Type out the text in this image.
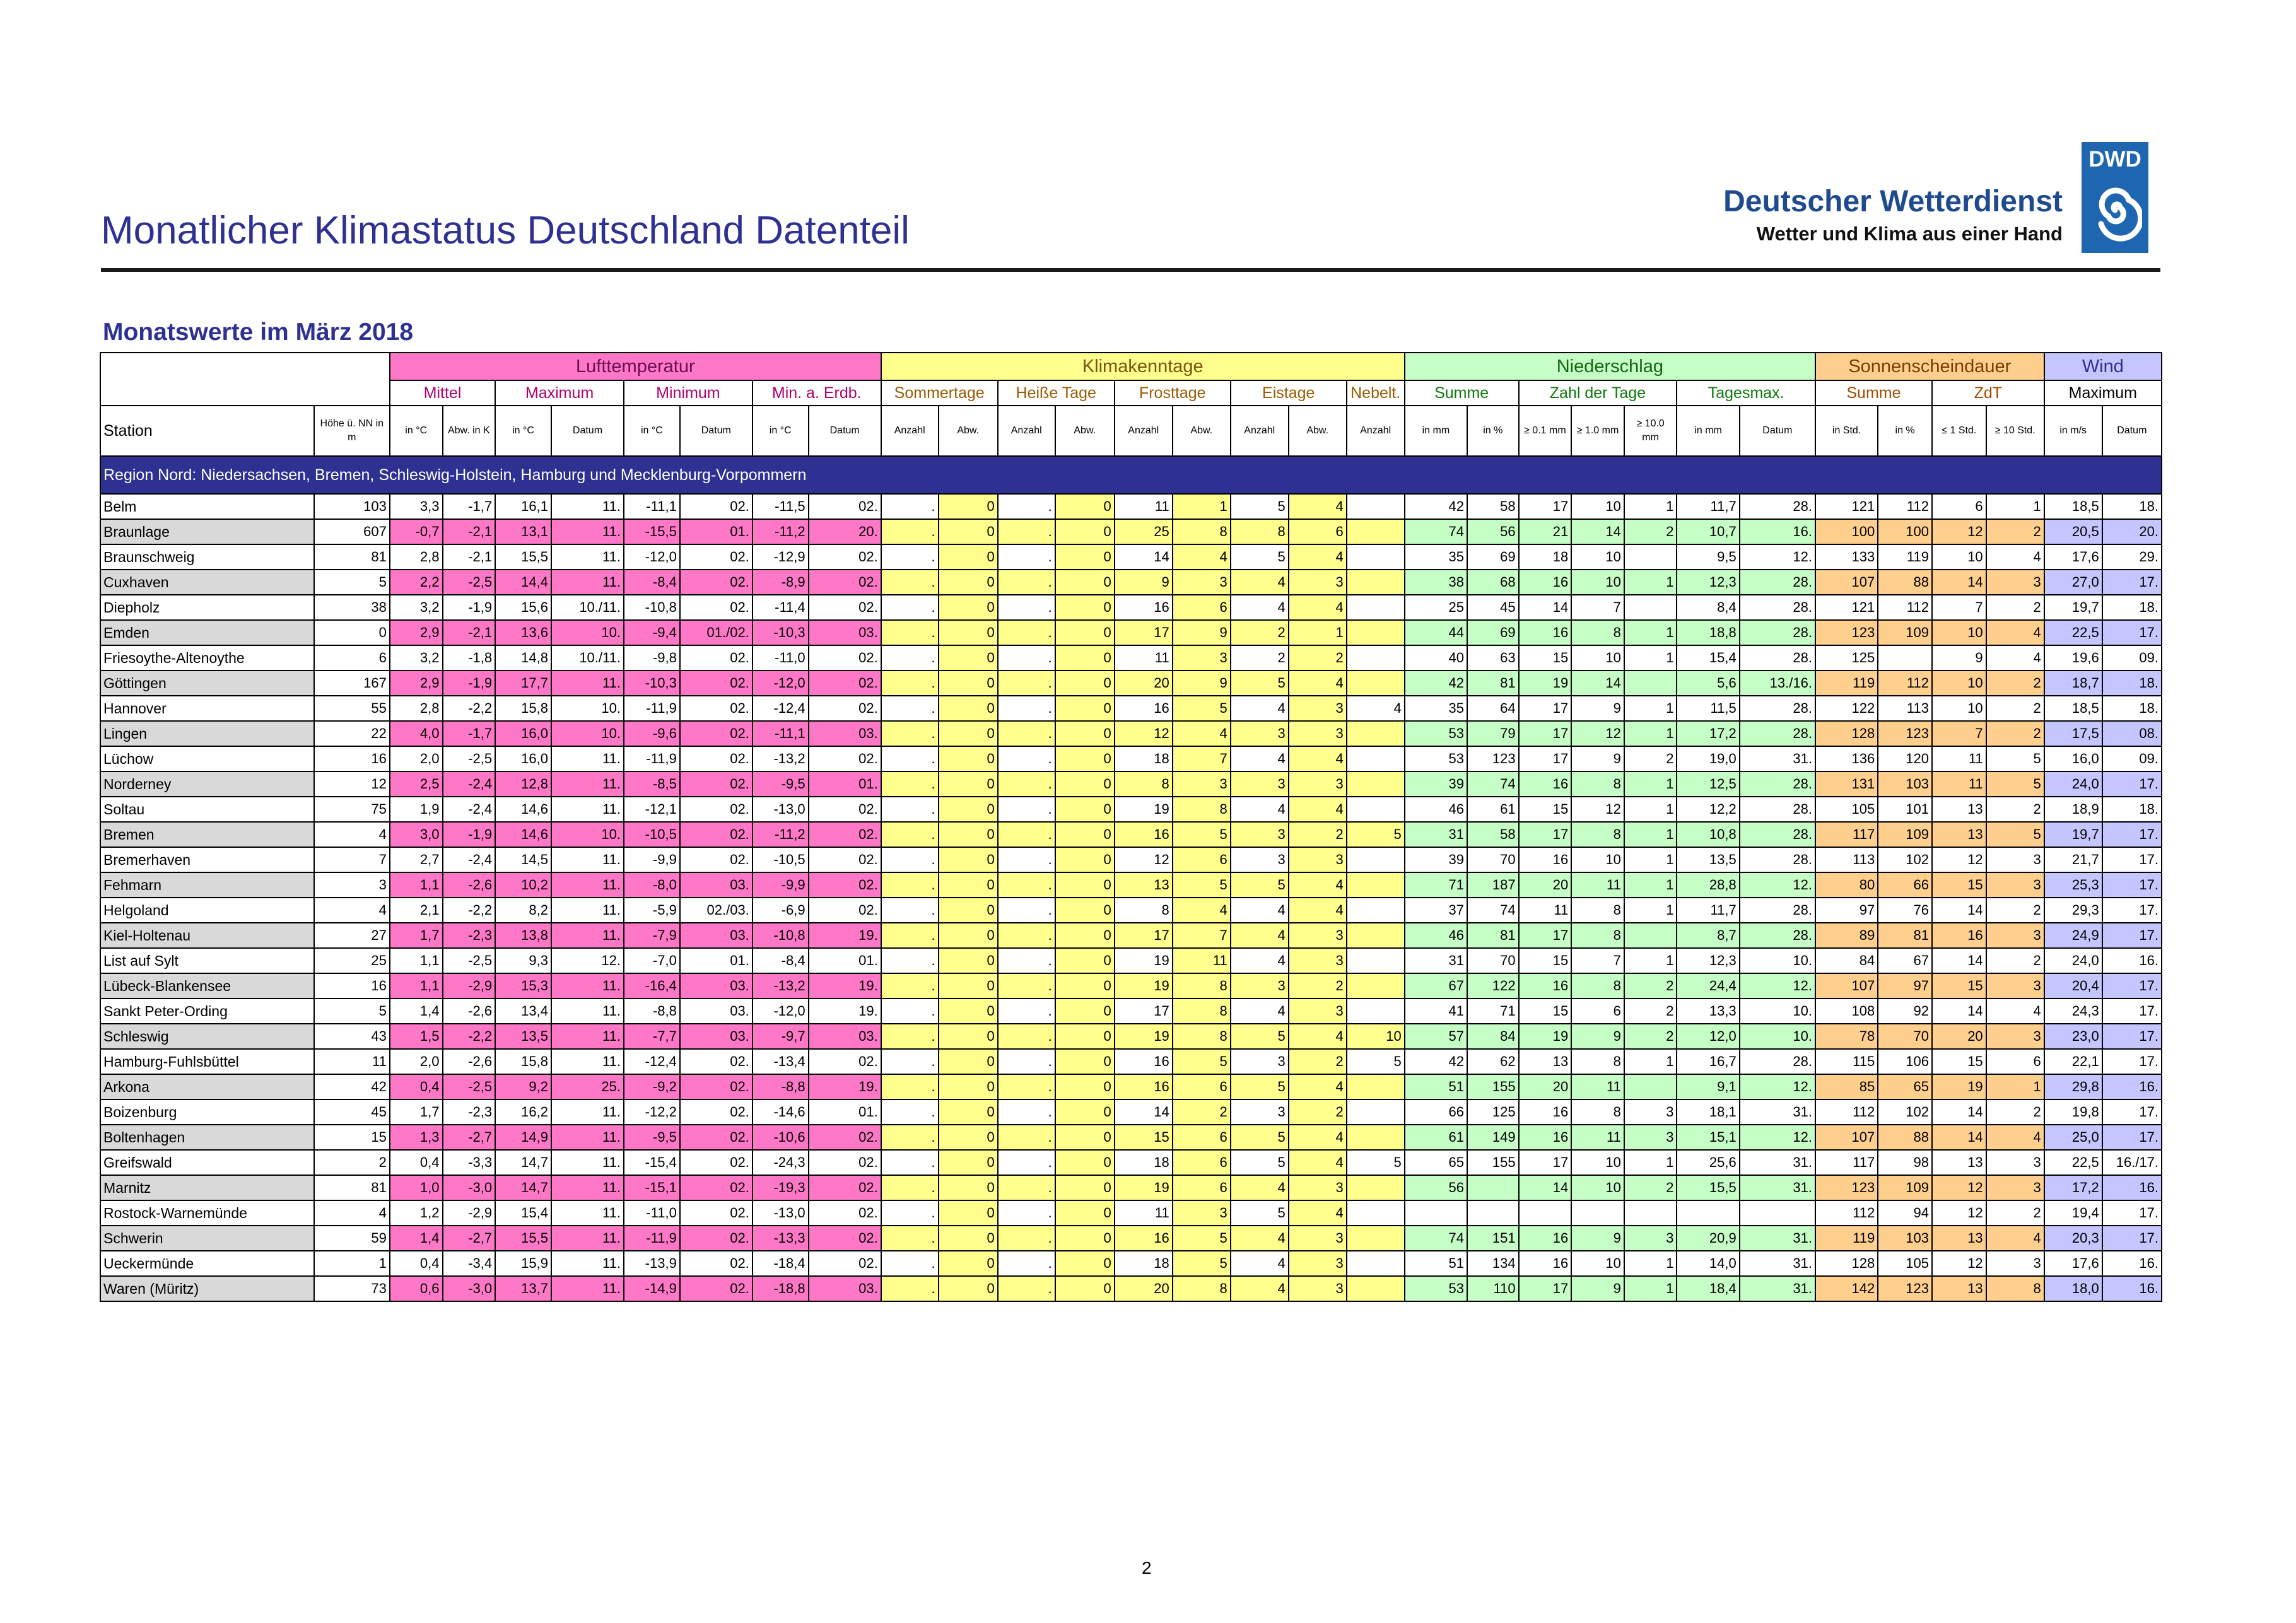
Monatlicher Klimastatus Deutschland Datenteil
Deutscher Wetterdienst
Wetter und Klima aus einer Hand
DWD
Monatswerte im März 2018
		Lufttemperatur								Klimakenntage									Niederschlag							Sonnenscheindauer				Wind	
		Mittel		Maximum		Minimum		Min. a. Erdb.		Sommertage		Heiße Tage		Frosttage		Eistage		Nebelt.	Summe		Zahl der Tage			Tagesmax.		Summe		ZdT		Maximum	
Station	Höhe ü. NN in m	in °C	Abw. in K	in °C	Datum	in °C	Datum	in °C	Datum	Anzahl	Abw.	Anzahl	Abw.	Anzahl	Abw.	Anzahl	Abw.	Anzahl	in mm	in %	≥ 0.1 mm	≥ 1.0 mm	≥ 10.0 mm	in mm	Datum	in Std.	in %	≤ 1 Std.	≥ 10 Std.	in m/s	Datum
Region Nord: Niedersachsen, Bremen, Schleswig-Holstein, Hamburg und Mecklenburg-Vorpommern																															
Belm	103	3,3	-1,7	16,1	11.	-11,1	02.	-11,5	02.	.	0	.	0	11	1	5	4		42	58	17	10	1	11,7	28.	121	112	6	1	18,5	18.
Braunlage	607	-0,7	-2,1	13,1	11.	-15,5	01.	-11,2	20.	.	0	.	0	25	8	8	6		74	56	21	14	2	10,7	16.	100	100	12	2	20,5	20.
Braunschweig	81	2,8	-2,1	15,5	11.	-12,0	02.	-12,9	02.	.	0	.	0	14	4	5	4		35	69	18	10		9,5	12.	133	119	10	4	17,6	29.
Cuxhaven	5	2,2	-2,5	14,4	11.	-8,4	02.	-8,9	02.	.	0	.	0	9	3	4	3		38	68	16	10	1	12,3	28.	107	88	14	3	27,0	17.
Diepholz	38	3,2	-1,9	15,6	10./11.	-10,8	02.	-11,4	02.	.	0	.	0	16	6	4	4		25	45	14	7		8,4	28.	121	112	7	2	19,7	18.
Emden	0	2,9	-2,1	13,6	10.	-9,4	01./02.	-10,3	03.	.	0	.	0	17	9	2	1		44	69	16	8	1	18,8	28.	123	109	10	4	22,5	17.
Friesoythe-Altenoythe	6	3,2	-1,8	14,8	10./11.	-9,8	02.	-11,0	02.	.	0	.	0	11	3	2	2		40	63	15	10	1	15,4	28.	125		9	4	19,6	09.
Göttingen	167	2,9	-1,9	17,7	11.	-10,3	02.	-12,0	02.	.	0	.	0	20	9	5	4		42	81	19	14		5,6	13./16.	119	112	10	2	18,7	18.
Hannover	55	2,8	-2,2	15,8	10.	-11,9	02.	-12,4	02.	.	0	.	0	16	5	4	3	4	35	64	17	9	1	11,5	28.	122	113	10	2	18,5	18.
Lingen	22	4,0	-1,7	16,0	10.	-9,6	02.	-11,1	03.	.	0	.	0	12	4	3	3		53	79	17	12	1	17,2	28.	128	123	7	2	17,5	08.
Lüchow	16	2,0	-2,5	16,0	11.	-11,9	02.	-13,2	02.	.	0	.	0	18	7	4	4		53	123	17	9	2	19,0	31.	136	120	11	5	16,0	09.
Norderney	12	2,5	-2,4	12,8	11.	-8,5	02.	-9,5	01.	.	0	.	0	8	3	3	3		39	74	16	8	1	12,5	28.	131	103	11	5	24,0	17.
Soltau	75	1,9	-2,4	14,6	11.	-12,1	02.	-13,0	02.	.	0	.	0	19	8	4	4		46	61	15	12	1	12,2	28.	105	101	13	2	18,9	18.
Bremen	4	3,0	-1,9	14,6	10.	-10,5	02.	-11,2	02.	.	0	.	0	16	5	3	2	5	31	58	17	8	1	10,8	28.	117	109	13	5	19,7	17.
Bremerhaven	7	2,7	-2,4	14,5	11.	-9,9	02.	-10,5	02.	.	0	.	0	12	6	3	3		39	70	16	10	1	13,5	28.	113	102	12	3	21,7	17.
Fehmarn	3	1,1	-2,6	10,2	11.	-8,0	03.	-9,9	02.	.	0	.	0	13	5	5	4		71	187	20	11	1	28,8	12.	80	66	15	3	25,3	17.
Helgoland	4	2,1	-2,2	8,2	11.	-5,9	02./03.	-6,9	02.	.	0	.	0	8	4	4	4		37	74	11	8	1	11,7	28.	97	76	14	2	29,3	17.
Kiel-Holtenau	27	1,7	-2,3	13,8	11.	-7,9	03.	-10,8	19.	.	0	.	0	17	7	4	3		46	81	17	8		8,7	28.	89	81	16	3	24,9	17.
List auf Sylt	25	1,1	-2,5	9,3	12.	-7,0	01.	-8,4	01.	.	0	.	0	19	11	4	3		31	70	15	7	1	12,3	10.	84	67	14	2	24,0	16.
Lübeck-Blankensee	16	1,1	-2,9	15,3	11.	-16,4	03.	-13,2	19.	.	0	.	0	19	8	3	2		67	122	16	8	2	24,4	12.	107	97	15	3	20,4	17.
Sankt Peter-Ording	5	1,4	-2,6	13,4	11.	-8,8	03.	-12,0	19.	.	0	.	0	17	8	4	3		41	71	15	6	2	13,3	10.	108	92	14	4	24,3	17.
Schleswig	43	1,5	-2,2	13,5	11.	-7,7	03.	-9,7	03.	.	0	.	0	19	8	5	4	10	57	84	19	9	2	12,0	10.	78	70	20	3	23,0	17.
Hamburg-Fuhlsbüttel	11	2,0	-2,6	15,8	11.	-12,4	02.	-13,4	02.	.	0	.	0	16	5	3	2	5	42	62	13	8	1	16,7	28.	115	106	15	6	22,1	17.
Arkona	42	0,4	-2,5	9,2	25.	-9,2	02.	-8,8	19.	.	0	.	0	16	6	5	4		51	155	20	11		9,1	12.	85	65	19	1	29,8	16.
Boizenburg	45	1,7	-2,3	16,2	11.	-12,2	02.	-14,6	01.	.	0	.	0	14	2	3	2		66	125	16	8	3	18,1	31.	112	102	14	2	19,8	17.
Boltenhagen	15	1,3	-2,7	14,9	11.	-9,5	02.	-10,6	02.	.	0	.	0	15	6	5	4		61	149	16	11	3	15,1	12.	107	88	14	4	25,0	17.
Greifswald	2	0,4	-3,3	14,7	11.	-15,4	02.	-24,3	02.	.	0	.	0	18	6	5	4	5	65	155	17	10	1	25,6	31.	117	98	13	3	22,5	16./17.
Marnitz	81	1,0	-3,0	14,7	11.	-15,1	02.	-19,3	02.	.	0	.	0	19	6	4	3		56		14	10	2	15,5	31.	123	109	12	3	17,2	16.
Rostock-Warnemünde	4	1,2	-2,9	15,4	11.	-11,0	02.	-13,0	02.	.	0	.	0	11	3	5	4									112	94	12	2	19,4	17.
Schwerin	59	1,4	-2,7	15,5	11.	-11,9	02.	-13,3	02.	.	0	.	0	16	5	4	3		74	151	16	9	3	20,9	31.	119	103	13	4	20,3	17.
Ueckermünde	1	0,4	-3,4	15,9	11.	-13,9	02.	-18,4	02.	.	0	.	0	18	5	4	3		51	134	16	10	1	14,0	31.	128	105	12	3	17,6	16.
Waren (Müritz)	73	0,6	-3,0	13,7	11.	-14,9	02.	-18,8	03.	.	0	.	0	20	8	4	3		53	110	17	9	1	18,4	31.	142	123	13	8	18,0	16.
2
